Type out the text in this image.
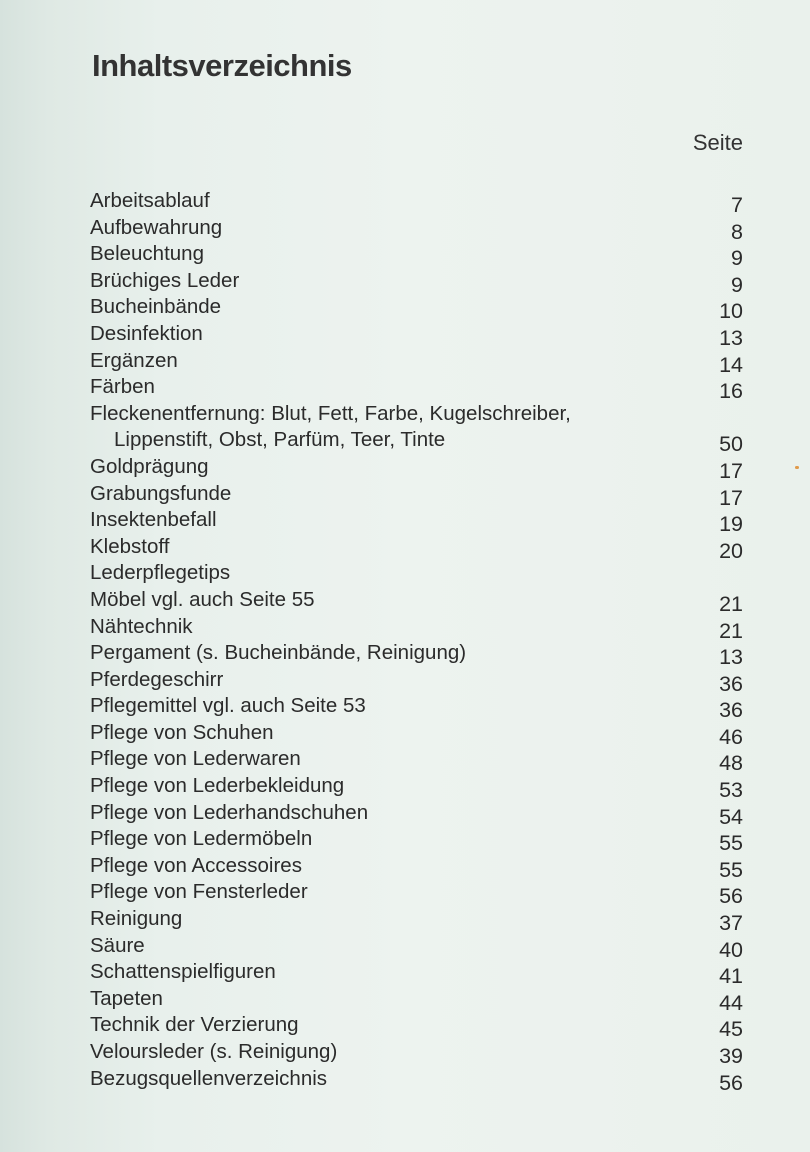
Inhaltsverzeichnis
Seite
Arbeitsablauf	7
Aufbewahrung	8
Beleuchtung	9
Brüchiges Leder	9
Bucheinbände	10
Desinfektion	13
Ergänzen	14
Färben	16
Fleckenentfernung: Blut, Fett, Farbe, Kugelschreiber,
Lippenstift, Obst, Parfüm, Teer, Tinte	50
Goldprägung	17
Grabungsfunde	17
Insektenbefall	19
Klebstoff	20
Lederpflegetips
Möbel vgl. auch Seite 55	21
Nähtechnik	21
Pergament (s. Bucheinbände, Reinigung)	13
Pferdegeschirr	36
Pflegemittel vgl. auch Seite 53	36
Pflege von Schuhen	46
Pflege von Lederwaren	48
Pflege von Lederbekleidung	53
Pflege von Lederhandschuhen	54
Pflege von Ledermöbeln	55
Pflege von Accessoires	55
Pflege von Fensterleder	56
Reinigung	37
Säure	40
Schattenspielfiguren	41
Tapeten	44
Technik der Verzierung	45
Veloursleder (s. Reinigung)	39
Bezugsquellenverzeichnis	56
